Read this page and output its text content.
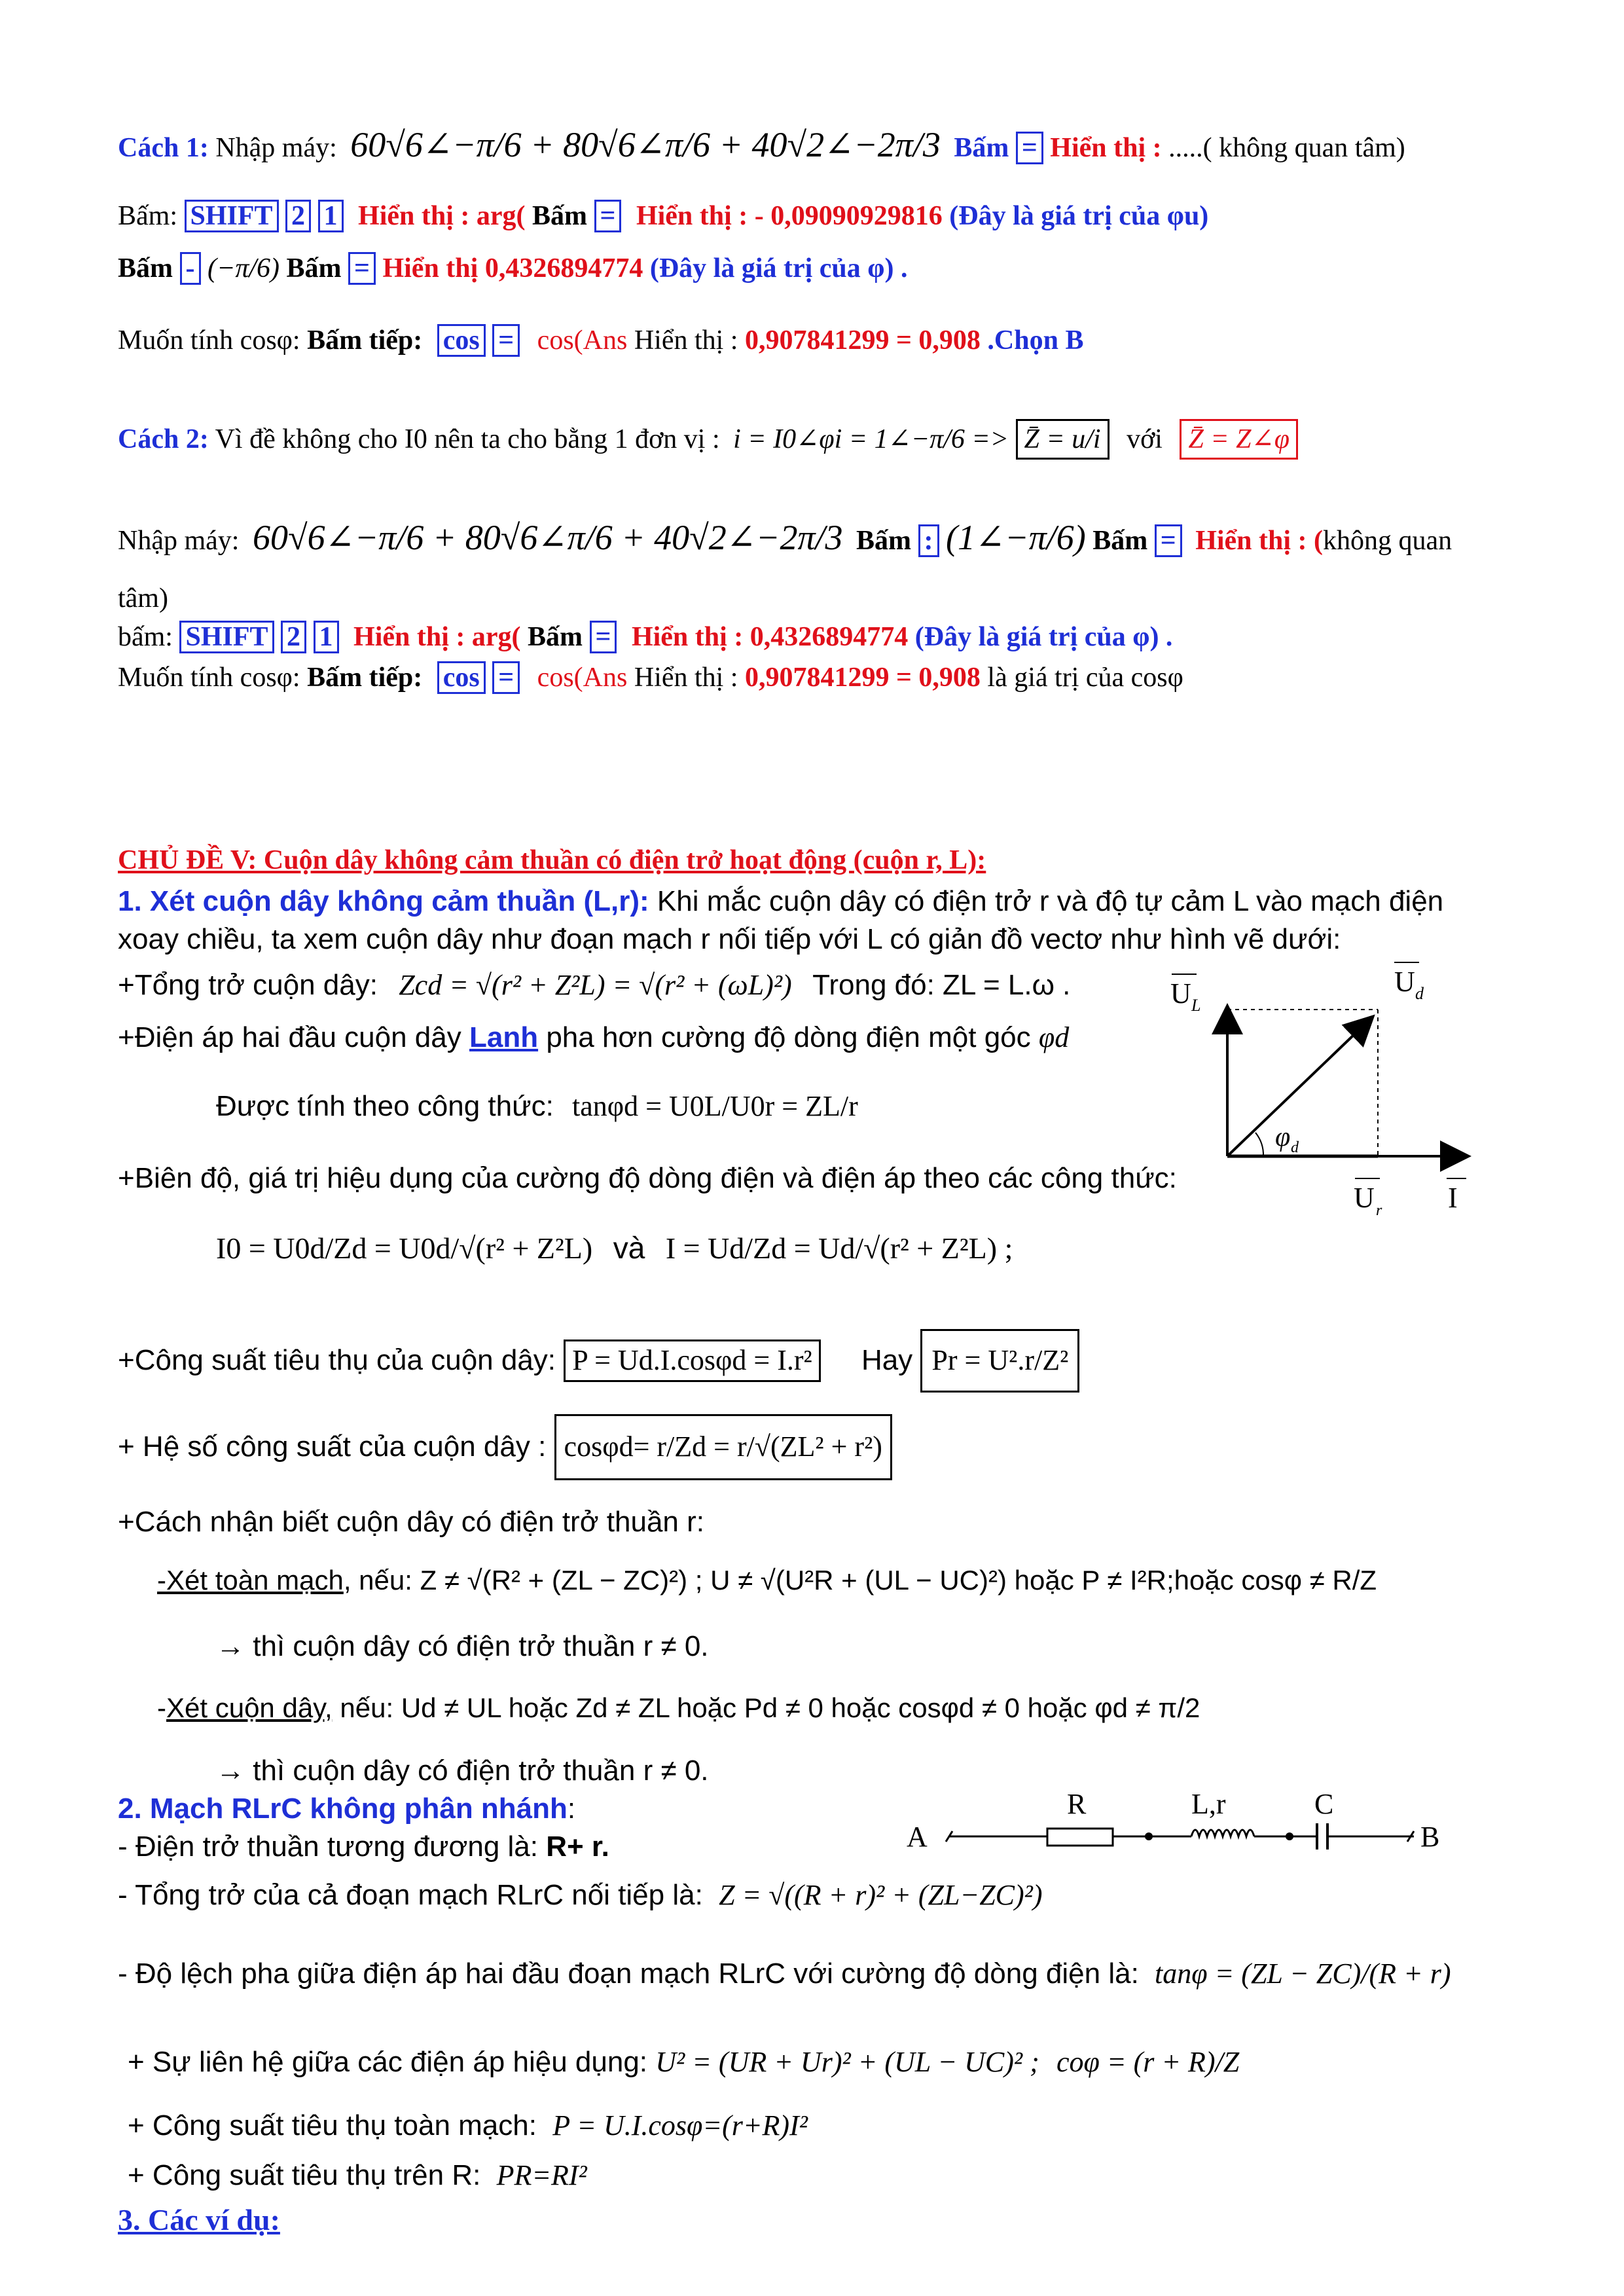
Cách 1: Nhập máy: 60√6∠−π/6 + 80√6∠π/6 + 40√2∠−2π/3 Bấm = Hiển thị : .....( không quan tâm)
Bấm: SHIFT 2 1 Hiển thị : arg( Bấm = Hiển thị : - 0,09090929816 (Đây là giá trị của φu)
Bấm - (−π/6) Bấm = Hiển thị 0,4326894774 (Đây là giá trị của φ) .
Muốn tính cosφ: Bấm tiếp: cos = cos(Ans Hiển thị : 0,907841299 = 0,908 .Chọn B
Cách 2: Vì đề không cho I0 nên ta cho bằng 1 đơn vị : i = I0∠φi = 1∠−π/6 => Z̄ = u/i với Z̄ = Z∠φ
Nhập máy: 60√6∠−π/6 + 80√6∠π/6 + 40√2∠−2π/3 Bấm : (1∠−π/6) Bấm = Hiển thị : (không quan
tâm)
bấm: SHIFT 2 1 Hiển thị : arg( Bấm = Hiển thị : 0,4326894774 (Đây là giá trị của φ) .
Muốn tính cosφ: Bấm tiếp: cos = cos(Ans Hiển thị : 0,907841299 = 0,908 là giá trị của cosφ
CHỦ ĐỀ V: Cuộn dây không cảm thuần có điện trở hoạt động (cuộn r, L):
1. Xét cuộn dây không cảm thuần (L,r): Khi mắc cuộn dây có điện trở r và độ tự cảm L vào mạch điện
xoay chiều, ta xem cuộn dây như đoạn mạch r nối tiếp với L có giản đồ vectơ như hình vẽ dưới:
+Tổng trở cuộn dây: Zcd = √(r² + Z²L) = √(r² + (ωL)²) Trong đó: ZL = L.ω .
+Điện áp hai đầu cuộn dây Lanh pha hơn cường độ dòng điện một góc φd
Được tính theo công thức: tanφd = U0L/U0r = ZL/r
+Biên độ, giá trị hiệu dụng của cường độ dòng điện và điện áp theo các công thức:
I0 = U0d/Zd = U0d/√(r² + Z²L) và I = Ud/Zd = Ud/√(r² + Z²L) ;
+Công suất tiêu thụ của cuộn dây: P = Ud.I.cosφd = I.r² Hay Pr = U².r/Z²
+ Hệ số công suất của cuộn dây : cosφd= r/Zd = r/√(ZL² + r²)
+Cách nhận biết cuộn dây có điện trở thuần r:
-Xét toàn mạch, nếu: Z ≠ √(R² + (ZL − ZC)²) ; U ≠ √(U²R + (UL − UC)²) hoặc P ≠ I²R;hoặc cosφ ≠ R/Z
→ thì cuộn dây có điện trở thuần r ≠ 0.
-Xét cuộn dây, nếu: Ud ≠ UL hoặc Zd ≠ ZL hoặc Pd ≠ 0 hoặc cosφd ≠ 0 hoặc φd ≠ π/2
→ thì cuộn dây có điện trở thuần r ≠ 0.
2. Mạch RLrC không phân nhánh:
- Điện trở thuần tương đương là: R+ r.
- Tổng trở của cả đoạn mạch RLrC nối tiếp là: Z = √((R + r)² + (ZL−ZC)²)
- Độ lệch pha giữa điện áp hai đầu đoạn mạch RLrC với cường độ dòng điện là: tanφ = (ZL − ZC)/(R + r)
+ Sự liên hệ giữa các điện áp hiệu dụng: U² = (UR + Ur)² + (UL − UC)² ; coφ = (r + R)/Z
+ Công suất tiêu thụ toàn mạch: P = U.I.cosφ=(r+R)I²
+ Công suất tiêu thụ trên R: PR=RI²
3. Các ví dụ:
U L
U d
φ d
U r I
A
R	L,r	C
B
